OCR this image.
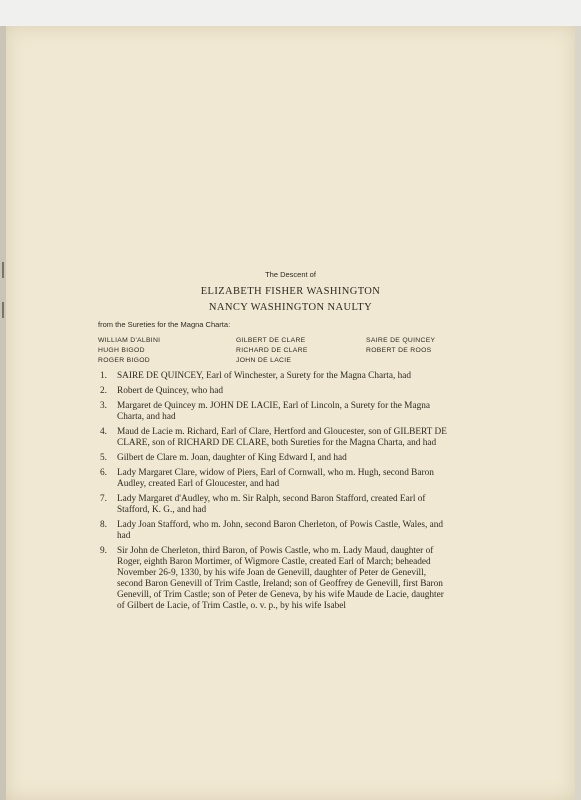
The Descent of
ELIZABETH FISHER WASHINGTON
NANCY WASHINGTON NAULTY
from the Sureties for the Magna Charta:
WILLIAM D'ALBINI
HUGH BIGOD
ROGER BIGOD
GILBERT DE CLARE
RICHARD DE CLARE
JOHN DE LACIE
SAIRE DE QUINCEY
ROBERT DE ROOS
1. SAIRE DE QUINCEY, Earl of Winchester, a Surety for the Magna Charta, had
2. Robert de Quincey, who had
3. Margaret de Quincey m. JOHN DE LACIE, Earl of Lincoln, a Surety for the Magna Charta, and had
4. Maud de Lacie m. Richard, Earl of Clare, Hertford and Gloucester, son of GILBERT DE CLARE, son of RICHARD DE CLARE, both Sureties for the Magna Charta, and had
5. Gilbert de Clare m. Joan, daughter of King Edward I, and had
6. Lady Margaret Clare, widow of Piers, Earl of Cornwall, who m. Hugh, second Baron Audley, created Earl of Gloucester, and had
7. Lady Margaret d'Audley, who m. Sir Ralph, second Baron Stafford, created Earl of Stafford, K. G., and had
8. Lady Joan Stafford, who m. John, second Baron Cherleton, of Powis Castle, Wales, and had
9. Sir John de Cherleton, third Baron, of Powis Castle, who m. Lady Maud, daughter of Roger, eighth Baron Mortimer, of Wigmore Castle, created Earl of March; beheaded November 26-9, 1330, by his wife Joan de Genevill, daughter of Peter de Genevill, second Baron Genevill of Trim Castle, Ireland; son of Geoffrey de Genevill, first Baron Genevill, of Trim Castle; son of Peter de Geneva, by his wife Maude de Lacie, daughter of Gilbert de Lacie, of Trim Castle, o. v. p., by his wife Isabel
